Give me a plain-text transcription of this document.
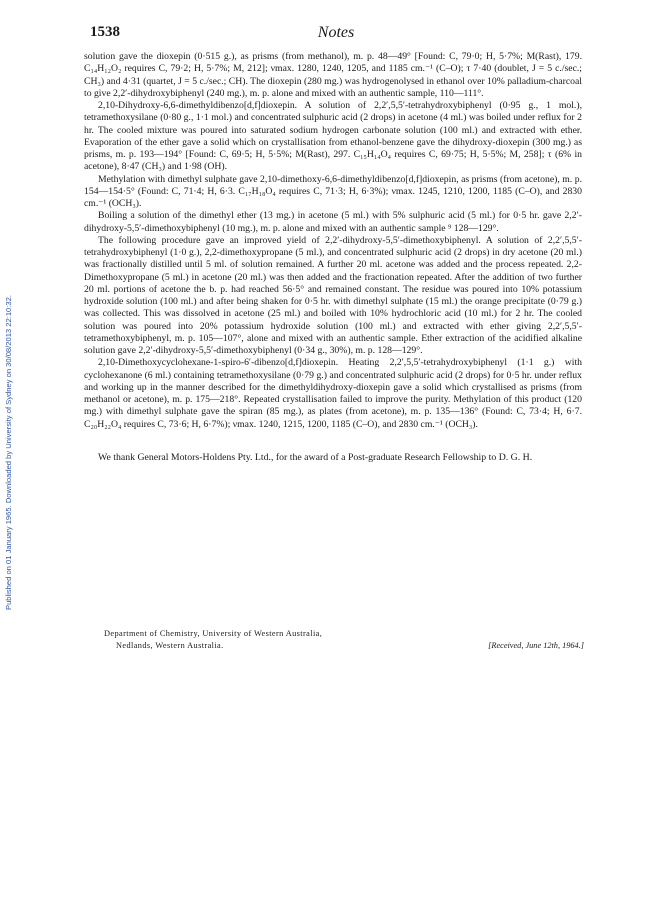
Published on 01 January 1965. Downloaded by University of Sydney on 30/08/2013 22:10:32.
1538	Notes

solution gave the dioxepin (0·515 g.), as prisms (from methanol), m. p. 48—49° [Found: C, 79·0; H, 5·7%; M(Rast), 179. C₁₄H₁₂O₂ requires C, 79·2; H, 5·7%; M, 212]; νmax. 1280, 1240, 1205, and 1185 cm.⁻¹ (C–O); τ 7·40 (doublet, J = 5 c./sec.; CH₃) and 4·31 (quartet, J = 5 c./sec.; CH). The dioxepin (280 mg.) was hydrogenolysed in ethanol over 10% palladium-charcoal to give 2,2′-dihydroxybiphenyl (240 mg.), m. p. alone and mixed with an authentic sample, 110—111°.

2,10-Dihydroxy-6,6-dimethyldibenzo[d,f]dioxepin. A solution of 2,2′,5,5′-tetrahydroxybiphenyl (0·95 g., 1 mol.), tetramethoxysilane (0·80 g., 1·1 mol.) and concentrated sulphuric acid (2 drops) in acetone (4 ml.) was boiled under reflux for 2 hr. The cooled mixture was poured into saturated sodium hydrogen carbonate solution (100 ml.) and extracted with ether. Evaporation of the ether gave a solid which on crystallisation from ethanol-benzene gave the dihydroxy-dioxepin (300 mg.) as prisms, m. p. 193—194° [Found: C, 69·5; H, 5·5%; M(Rast), 297. C₁₅H₁₄O₄ requires C, 69·75; H, 5·5%; M, 258]; τ (6% in acetone), 8·47 (CH₃) and 1·98 (OH).

Methylation with dimethyl sulphate gave 2,10-dimethoxy-6,6-dimethyldibenzo[d,f]dioxepin, as prisms (from acetone), m. p. 154—154·5° (Found: C, 71·4; H, 6·3. C₁₇H₁₈O₄ requires C, 71·3; H, 6·3%); νmax. 1245, 1210, 1200, 1185 (C–O), and 2830 cm.⁻¹ (OCH₃).

Boiling a solution of the dimethyl ether (13 mg.) in acetone (5 ml.) with 5% sulphuric acid (5 ml.) for 0·5 hr. gave 2,2′-dihydroxy-5,5′-dimethoxybiphenyl (10 mg.), m. p. alone and mixed with an authentic sample ⁹ 128—129°.

The following procedure gave an improved yield of 2,2′-dihydroxy-5,5′-dimethoxybiphenyl. A solution of 2,2′,5,5′-tetrahydroxybiphenyl (1·0 g.), 2,2-dimethoxypropane (5 ml.), and concentrated sulphuric acid (2 drops) in dry acetone (20 ml.) was fractionally distilled until 5 ml. of solution remained. A further 20 ml. acetone was added and the process repeated. 2,2-Dimethoxypropane (5 ml.) in acetone (20 ml.) was then added and the fractionation repeated. After the addition of two further 20 ml. portions of acetone the b. p. had reached 56·5° and remained constant. The residue was poured into 10% potassium hydroxide solution (100 ml.) and after being shaken for 0·5 hr. with dimethyl sulphate (15 ml.) the orange precipitate (0·79 g.) was collected. This was dissolved in acetone (25 ml.) and boiled with 10% hydrochloric acid (10 ml.) for 2 hr. The cooled solution was poured into 20% potassium hydroxide solution (100 ml.) and extracted with ether giving 2,2′,5,5′-tetramethoxybiphenyl, m. p. 105—107°, alone and mixed with an authentic sample. Ether extraction of the acidified alkaline solution gave 2,2′-dihydroxy-5,5′-dimethoxybiphenyl (0·34 g., 30%), m. p. 128—129°.

2,10-Dimethoxycyclohexane-1-spiro-6′-dibenzo[d,f]dioxepin. Heating 2,2′,5,5′-tetrahydroxybiphenyl (1·1 g.) with cyclohexanone (6 ml.) containing tetramethoxysilane (0·79 g.) and concentrated sulphuric acid (2 drops) for 0·5 hr. under reflux and working up in the manner described for the dimethyldihydroxy-dioxepin gave a solid which crystallised as prisms (from methanol or acetone), m. p. 175—218°. Repeated crystallisation failed to improve the purity. Methylation of this product (120 mg.) with dimethyl sulphate gave the spiran (85 mg.), as plates (from acetone), m. p. 135—136° (Found: C, 73·4; H, 6·7. C₂₀H₂₂O₄ requires C, 73·6; H, 6·7%); νmax. 1240, 1215, 1200, 1185 (C–O), and 2830 cm.⁻¹ (OCH₃).

We thank General Motors-Holdens Pty. Ltd., for the award of a Post-graduate Research Fellowship to D. G. H.

Department of Chemistry, University of Western Australia,
Nedlands, Western Australia.	[Received, June 12th, 1964.]
